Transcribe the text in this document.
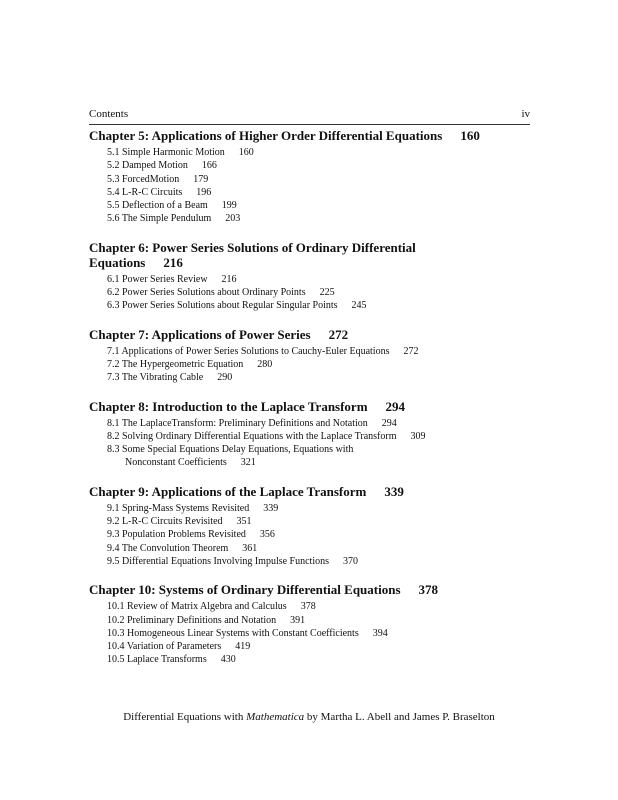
Contents	iv
Chapter 5: Applications of Higher Order Differential Equations 160
5.1 Simple Harmonic Motion 160
5.2 Damped Motion 166
5.3 ForcedMotion 179
5.4 L-R-C Circuits 196
5.5 Deflection of a Beam 199
5.6 The Simple Pendulum 203
Chapter 6: Power Series Solutions of Ordinary Differential
Equations 216
6.1 Power Series Review 216
6.2 Power Series Solutions about Ordinary Points 225
6.3 Power Series Solutions about Regular Singular Points 245
Chapter 7: Applications of Power Series 272
7.1 Applications of Power Series Solutions to Cauchy-Euler Equations 272
7.2 The Hypergeometric Equation 280
7.3 The Vibrating Cable 290
Chapter 8: Introduction to the Laplace Transform 294
8.1 The LaplaceTransform: Preliminary Definitions and Notation 294
8.2 Solving Ordinary Differential Equations with the Laplace Transform 309
8.3 Some Special Equations Delay Equations, Equations with
Nonconstant Coefficients 321
Chapter 9: Applications of the Laplace Transform 339
9.1 Spring-Mass Systems Revisited 339
9.2 L-R-C Circuits Revisited 351
9.3 Population Problems Revisited 356
9.4 The Convolution Theorem 361
9.5 Differential Equations Involving Impulse Functions 370
Chapter 10: Systems of Ordinary Differential Equations 378
10.1 Review of Matrix Algebra and Calculus 378
10.2 Preliminary Definitions and Notation 391
10.3 Homogeneous Linear Systems with Constant Coefficients 394
10.4 Variation of Parameters 419
10.5 Laplace Transforms 430
Differential Equations with Mathematica by Martha L. Abell and James P. Braselton
